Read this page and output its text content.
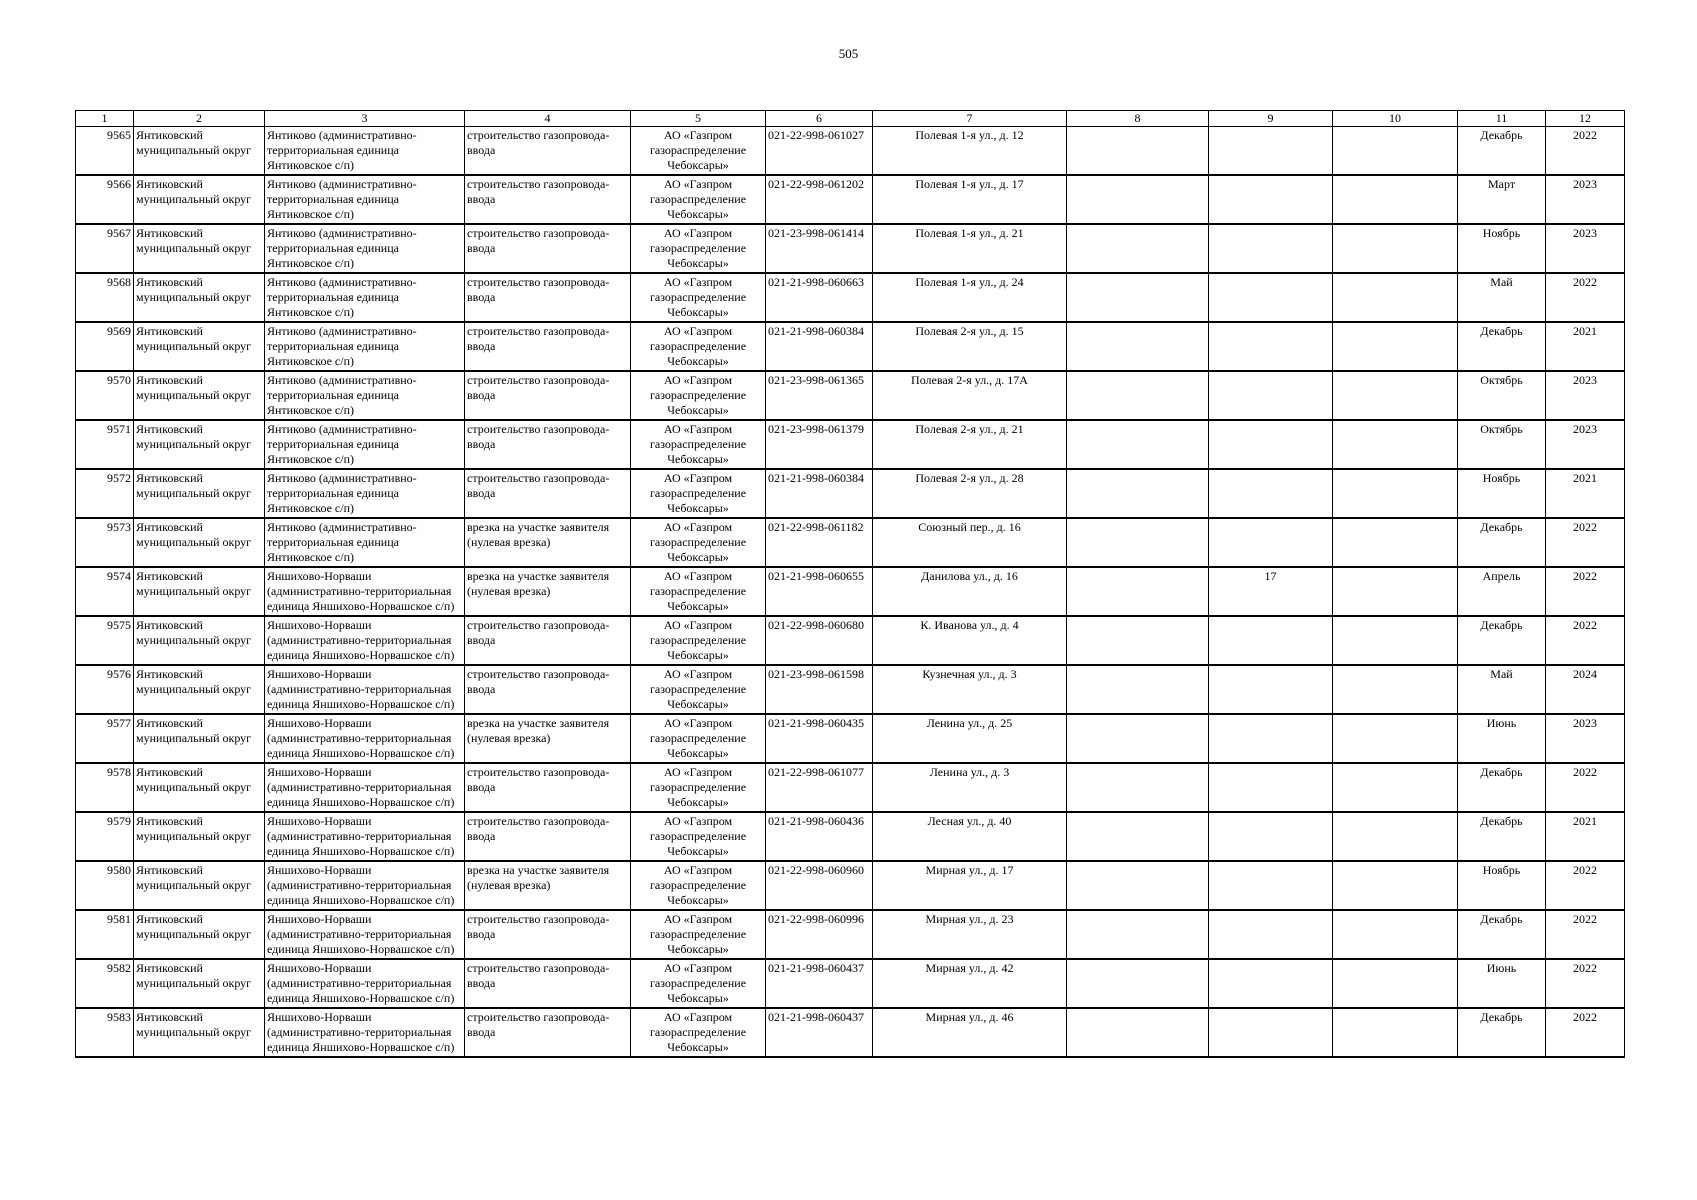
505
1	2	3	4	5	6	7	8	9	10	11	12
9565	Янтиковский муниципальный округ	Янтиково (административно-территориальная единица Янтиковское с/п)	строительство газопровода-ввода	АО «Газпром газораспределение Чебоксары»	021-22-998-061027	Полевая 1-я ул., д. 12				Декабрь	2022
9566	Янтиковский муниципальный округ	Янтиково (административно-территориальная единица Янтиковское с/п)	строительство газопровода-ввода	АО «Газпром газораспределение Чебоксары»	021-22-998-061202	Полевая 1-я ул., д. 17				Март	2023
9567	Янтиковский муниципальный округ	Янтиково (административно-территориальная единица Янтиковское с/п)	строительство газопровода-ввода	АО «Газпром газораспределение Чебоксары»	021-23-998-061414	Полевая 1-я ул., д. 21				Ноябрь	2023
9568	Янтиковский муниципальный округ	Янтиково (административно-территориальная единица Янтиковское с/п)	строительство газопровода-ввода	АО «Газпром газораспределение Чебоксары»	021-21-998-060663	Полевая 1-я ул., д. 24				Май	2022
9569	Янтиковский муниципальный округ	Янтиково (административно-территориальная единица Янтиковское с/п)	строительство газопровода-ввода	АО «Газпром газораспределение Чебоксары»	021-21-998-060384	Полевая 2-я ул., д. 15				Декабрь	2021
9570	Янтиковский муниципальный округ	Янтиково (административно-территориальная единица Янтиковское с/п)	строительство газопровода-ввода	АО «Газпром газораспределение Чебоксары»	021-23-998-061365	Полевая 2-я ул., д. 17А				Октябрь	2023
9571	Янтиковский муниципальный округ	Янтиково (административно-территориальная единица Янтиковское с/п)	строительство газопровода-ввода	АО «Газпром газораспределение Чебоксары»	021-23-998-061379	Полевая 2-я ул., д. 21				Октябрь	2023
9572	Янтиковский муниципальный округ	Янтиково (административно-территориальная единица Янтиковское с/п)	строительство газопровода-ввода	АО «Газпром газораспределение Чебоксары»	021-21-998-060384	Полевая 2-я ул., д. 28				Ноябрь	2021
9573	Янтиковский муниципальный округ	Янтиково (административно-территориальная единица Янтиковское с/п)	врезка на участке заявителя (нулевая врезка)	АО «Газпром газораспределение Чебоксары»	021-22-998-061182	Союзный пер., д. 16				Декабрь	2022
9574	Янтиковский муниципальный округ	Яншихово-Норваши (административно-территориальная единица Яншихово-Норвашское с/п)	врезка на участке заявителя (нулевая врезка)	АО «Газпром газораспределение Чебоксары»	021-21-998-060655	Данилова ул., д. 16		17		Апрель	2022
9575	Янтиковский муниципальный округ	Яншихово-Норваши (административно-территориальная единица Яншихово-Норвашское с/п)	строительство газопровода-ввода	АО «Газпром газораспределение Чебоксары»	021-22-998-060680	К. Иванова ул., д. 4				Декабрь	2022
9576	Янтиковский муниципальный округ	Яншихово-Норваши (административно-территориальная единица Яншихово-Норвашское с/п)	строительство газопровода-ввода	АО «Газпром газораспределение Чебоксары»	021-23-998-061598	Кузнечная ул., д. 3				Май	2024
9577	Янтиковский муниципальный округ	Яншихово-Норваши (административно-территориальная единица Яншихово-Норвашское с/п)	врезка на участке заявителя (нулевая врезка)	АО «Газпром газораспределение Чебоксары»	021-21-998-060435	Ленина ул., д. 25				Июнь	2023
9578	Янтиковский муниципальный округ	Яншихово-Норваши (административно-территориальная единица Яншихово-Норвашское с/п)	строительство газопровода-ввода	АО «Газпром газораспределение Чебоксары»	021-22-998-061077	Ленина ул., д. 3				Декабрь	2022
9579	Янтиковский муниципальный округ	Яншихово-Норваши (административно-территориальная единица Яншихово-Норвашское с/п)	строительство газопровода-ввода	АО «Газпром газораспределение Чебоксары»	021-21-998-060436	Лесная ул., д. 40				Декабрь	2021
9580	Янтиковский муниципальный округ	Яншихово-Норваши (административно-территориальная единица Яншихово-Норвашское с/п)	врезка на участке заявителя (нулевая врезка)	АО «Газпром газораспределение Чебоксары»	021-22-998-060960	Мирная ул., д. 17				Ноябрь	2022
9581	Янтиковский муниципальный округ	Яншихово-Норваши (административно-территориальная единица Яншихово-Норвашское с/п)	строительство газопровода-ввода	АО «Газпром газораспределение Чебоксары»	021-22-998-060996	Мирная ул., д. 23				Декабрь	2022
9582	Янтиковский муниципальный округ	Яншихово-Норваши (административно-территориальная единица Яншихово-Норвашское с/п)	строительство газопровода-ввода	АО «Газпром газораспределение Чебоксары»	021-21-998-060437	Мирная ул., д. 42				Июнь	2022
9583	Янтиковский муниципальный округ	Яншихово-Норваши (административно-территориальная единица Яншихово-Норвашское с/п)	строительство газопровода-ввода	АО «Газпром газораспределение Чебоксары»	021-21-998-060437	Мирная ул., д. 46				Декабрь	2022
